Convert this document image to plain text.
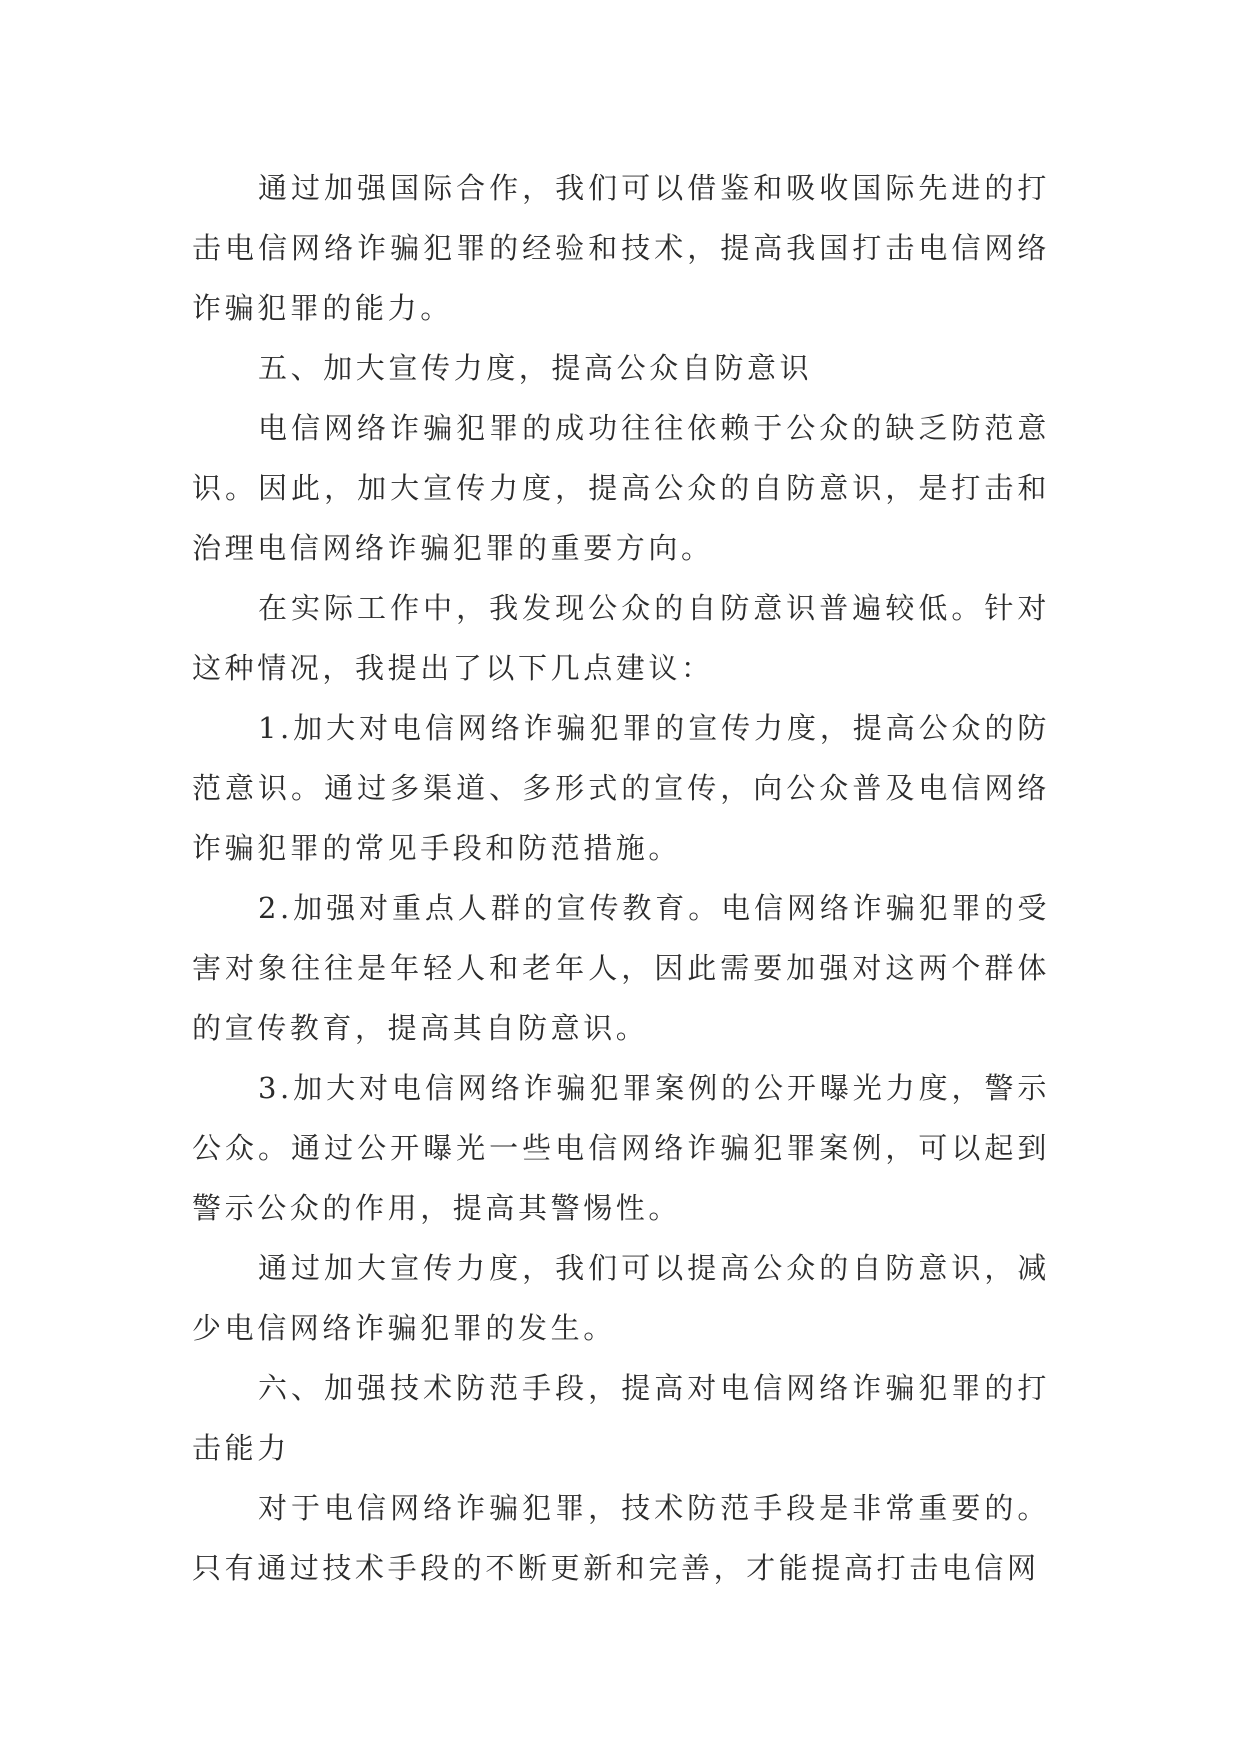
通过加强国际合作，我们可以借鉴和吸收国际先进的打击电信网络诈骗犯罪的经验和技术，提高我国打击电信网络诈骗犯罪的能力。

五、加大宣传力度，提高公众自防意识

电信网络诈骗犯罪的成功往往依赖于公众的缺乏防范意识。因此，加大宣传力度，提高公众的自防意识，是打击和治理电信网络诈骗犯罪的重要方向。

在实际工作中，我发现公众的自防意识普遍较低。针对这种情况，我提出了以下几点建议：

1.加大对电信网络诈骗犯罪的宣传力度，提高公众的防范意识。通过多渠道、多形式的宣传，向公众普及电信网络诈骗犯罪的常见手段和防范措施。

2.加强对重点人群的宣传教育。电信网络诈骗犯罪的受害对象往往是年轻人和老年人，因此需要加强对这两个群体的宣传教育，提高其自防意识。

3.加大对电信网络诈骗犯罪案例的公开曝光力度，警示公众。通过公开曝光一些电信网络诈骗犯罪案例，可以起到警示公众的作用，提高其警惕性。

通过加大宣传力度，我们可以提高公众的自防意识，减少电信网络诈骗犯罪的发生。

六、加强技术防范手段，提高对电信网络诈骗犯罪的打击能力

对于电信网络诈骗犯罪，技术防范手段是非常重要的。只有通过技术手段的不断更新和完善，才能提高打击电信网
